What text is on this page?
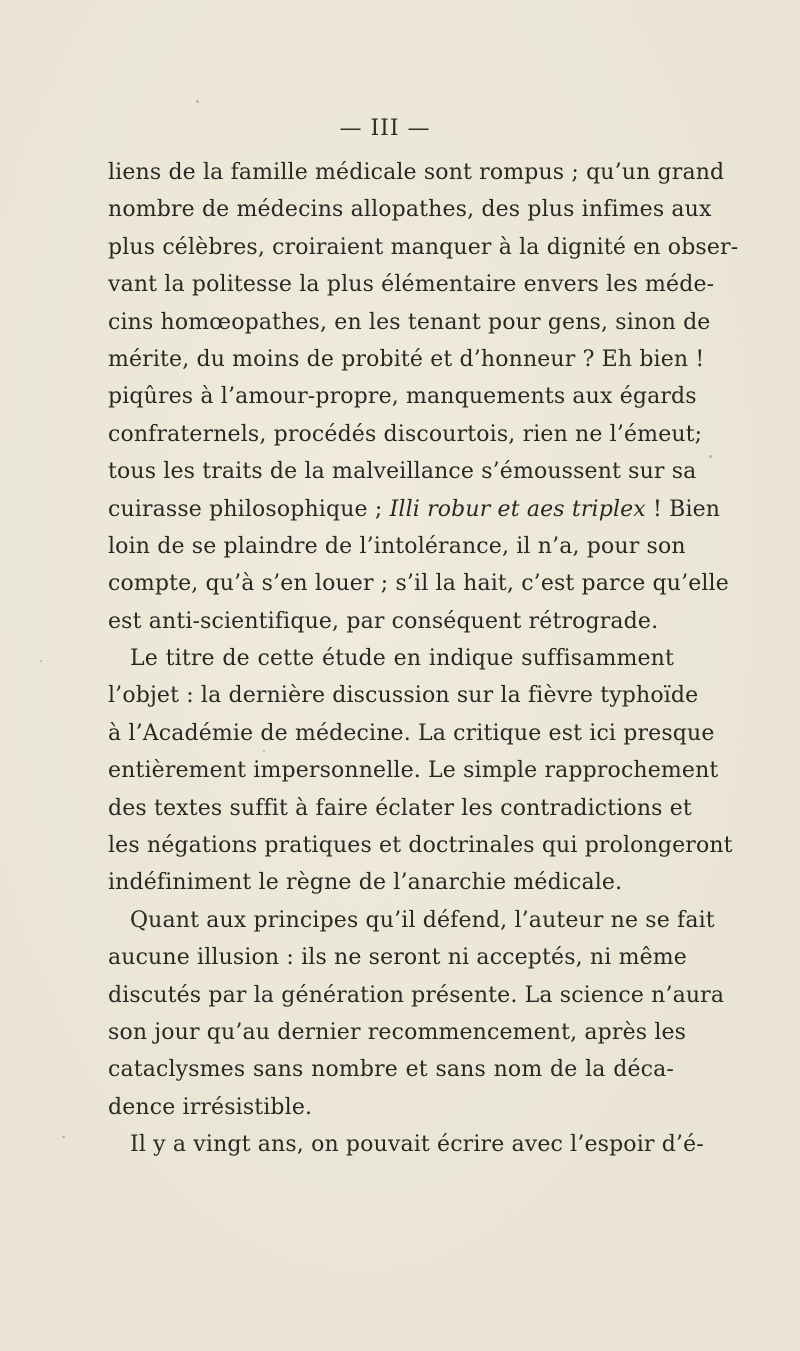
— III —
liens de la famille médicale sont rompus ; qu’un grand
nombre de médecins allopathes, des plus infimes aux
plus célèbres, croiraient manquer à la dignité en obser-
vant la politesse la plus élémentaire envers les méde-
cins homœopathes, en les tenant pour gens, sinon de
mérite, du moins de probité et d’honneur ? Eh bien !
piqûres à l’amour-propre, manquements aux égards
confraternels, procédés discourtois, rien ne l’émeut;
tous les traits de la malveillance s’émoussent sur sa
cuirasse philosophique ; Illi robur et aes triplex ! Bien
loin de se plaindre de l’intolérance, il n’a, pour son
compte, qu’à s’en louer ; s’il la hait, c’est parce qu’elle
est anti-scientifique, par conséquent rétrograde.
Le titre de cette étude en indique suffisamment
l’objet : la dernière discussion sur la fièvre typhoïde
à l’Académie de médecine. La critique est ici presque
entièrement impersonnelle. Le simple rapprochement
des textes suffit à faire éclater les contradictions et
les négations pratiques et doctrinales qui prolongeront
indéfiniment le règne de l’anarchie médicale.
Quant aux principes qu’il défend, l’auteur ne se fait
aucune illusion : ils ne seront ni acceptés, ni même
discutés par la génération présente. La science n’aura
son jour qu’au dernier recommencement, après les
cataclysmes sans nombre et sans nom de la déca-
dence irrésistible.
Il y a vingt ans, on pouvait écrire avec l’espoir d’é-
